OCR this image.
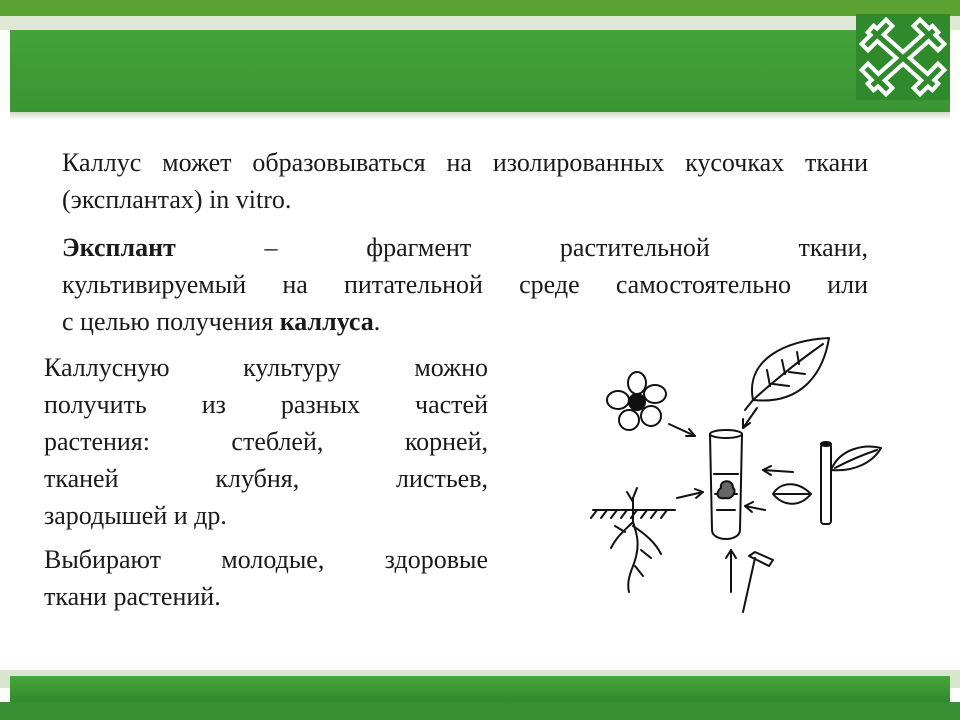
Каллус может образовываться на изолированных кусочках ткани (эксплантах) in vitro.

Эксплант – фрагмент растительной ткани,
культивируемый на питательной среде самостоятельно или
с целью получения каллуса.

Каллусную культуру можно
получить из разных частей
растения: стеблей, корней,
тканей клубня, листьев,
зародышей и др.

Выбирают молодые, здоровые
ткани растений.
